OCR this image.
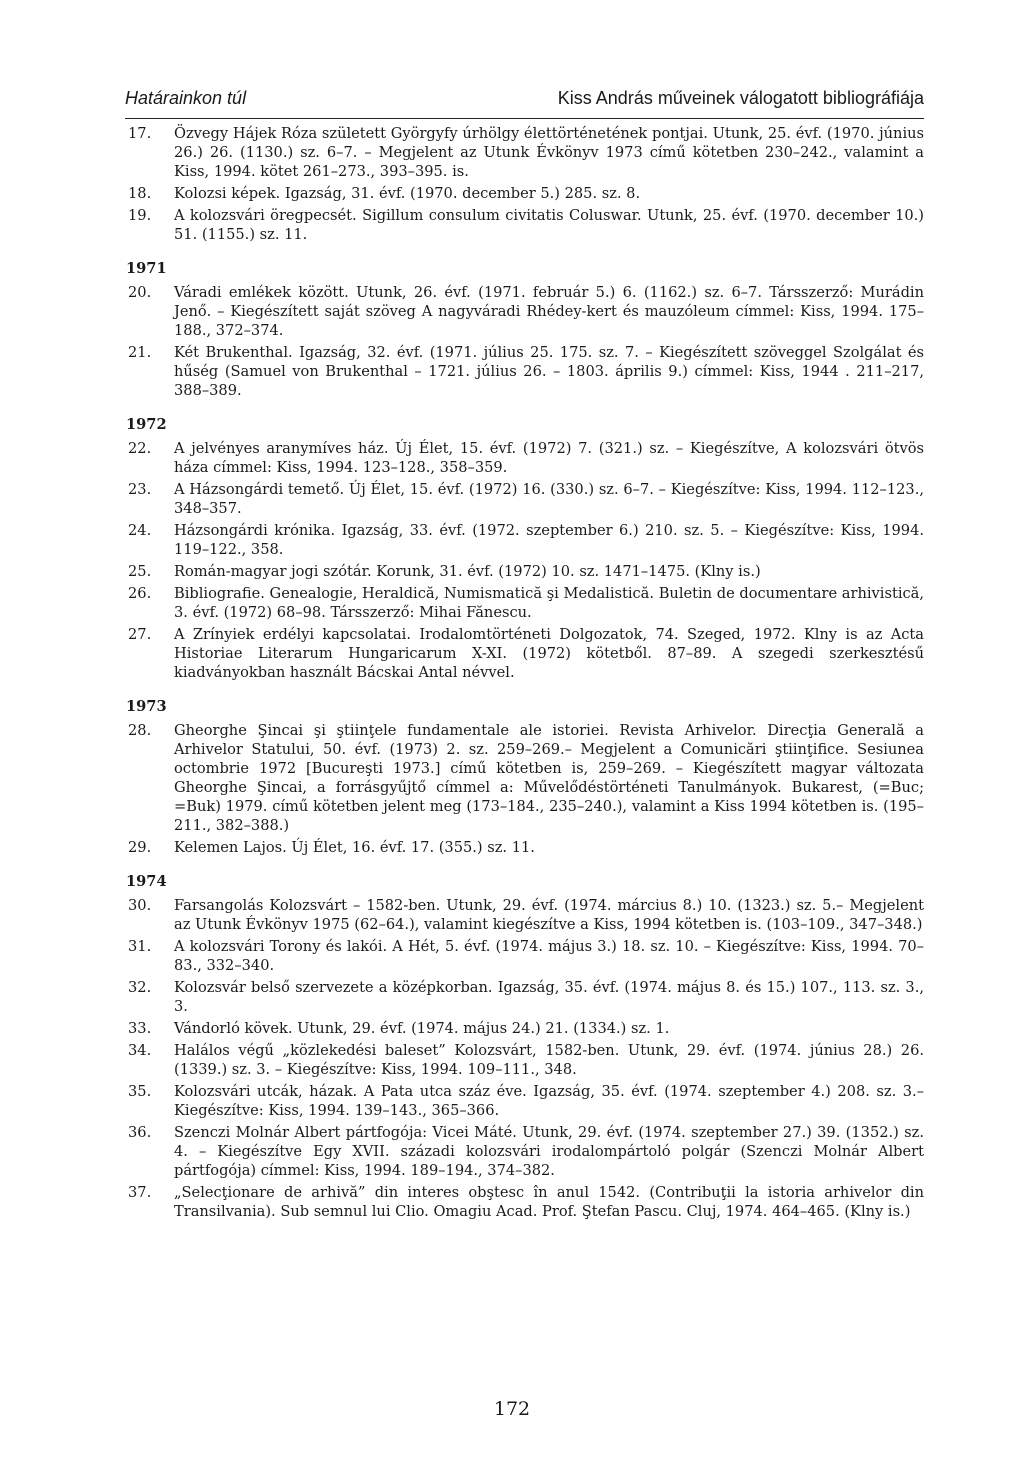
Határainkon túl	Kiss András műveinek válogatott bibliográfiája
17.	Özvegy Hájek Róza született Györgyfy úrhölgy élettörténetének pontjai. Utunk, 25. évf. (1970. június 26.) 26. (1130.) sz. 6–7. – Megjelent az Utunk Évkönyv 1973 című kötetben 230–242., valamint a Kiss, 1994. kötet 261–273., 393–395. is.
18.	Kolozsi képek. Igazság, 31. évf. (1970. december 5.) 285. sz. 8.
19.	A kolozsvári öregpecsét. Sigillum consulum civitatis Coluswar. Utunk, 25. évf. (1970. december 10.) 51. (1155.) sz. 11.
1971
20.	Váradi emlékek között. Utunk, 26. évf. (1971. február 5.) 6. (1162.) sz. 6–7. Társszerző: Murádin Jenő. – Kiegészített saját szöveg A nagyváradi Rhédey-kert és mauzóleum címmel: Kiss, 1994. 175–188., 372–374.
21.	Két Brukenthal. Igazság, 32. évf. (1971. július 25. 175. sz. 7. – Kiegészített szöveggel Szolgálat és hűség (Samuel von Brukenthal – 1721. július 26. – 1803. április 9.) címmel: Kiss, 1944 . 211–217, 388–389.
1972
22.	A jelvényes aranymíves ház. Új Élet, 15. évf. (1972) 7. (321.) sz. – Kiegészítve, A kolozsvári ötvös háza címmel: Kiss, 1994. 123–128., 358–359.
23.	A Házsongárdi temető. Új Élet, 15. évf. (1972) 16. (330.) sz. 6–7. – Kiegészítve: Kiss, 1994. 112–123., 348–357.
24.	Házsongárdi krónika. Igazság, 33. évf. (1972. szeptember 6.) 210. sz. 5. – Kiegészítve: Kiss, 1994. 119–122., 358.
25.	Román-magyar jogi szótár. Korunk, 31. évf. (1972) 10. sz. 1471–1475. (Klny is.)
26.	Bibliografie. Genealogie, Heraldică, Numismatică şi Medalistică. Buletin de documentare arhivistică, 3. évf. (1972) 68–98. Társszerző: Mihai Fănescu.
27.	A Zrínyiek erdélyi kapcsolatai. Irodalomtörténeti Dolgozatok, 74. Szeged, 1972. Klny is az Acta Historiae Literarum Hungaricarum X-XI. (1972) kötetből. 87–89. A szegedi szerkesztésű kiadványokban használt Bácskai Antal névvel.
1973
28.	Gheorghe Şincai şi ştiinţele fundamentale ale istoriei. Revista Arhivelor. Direcţia Generală a Arhivelor Statului, 50. évf. (1973) 2. sz. 259–269.– Megjelent a Comunicări ştiinţifice. Sesiunea octombrie 1972 [Bucureşti 1973.] című kötetben is, 259–269. – Kiegészített magyar változata Gheorghe Şincai, a forrásgyűjtő címmel a: Művelődéstörténeti Tanulmányok. Bukarest, (=Buc; =Buk) 1979. című kötetben jelent meg (173–184., 235–240.), valamint a Kiss 1994 kötetben is. (195–211., 382–388.)
29.	Kelemen Lajos. Új Élet, 16. évf. 17. (355.) sz. 11.
1974
30.	Farsangolás Kolozsvárt – 1582-ben. Utunk, 29. évf. (1974. március 8.) 10. (1323.) sz. 5.– Megjelent az Utunk Évkönyv 1975 (62–64.), valamint kiegészítve a Kiss, 1994 kötetben is. (103–109., 347–348.)
31.	A kolozsvári Torony és lakói. A Hét, 5. évf. (1974. május 3.) 18. sz. 10. – Kiegészítve: Kiss, 1994. 70–83., 332–340.
32.	Kolozsvár belső szervezete a középkorban. Igazság, 35. évf. (1974. május 8. és 15.) 107., 113. sz. 3., 3.
33.	Vándorló kövek. Utunk, 29. évf. (1974. május 24.) 21. (1334.) sz. 1.
34.	Halálos végű „közlekedési baleset” Kolozsvárt, 1582-ben. Utunk, 29. évf. (1974. június 28.) 26. (1339.) sz. 3. – Kiegészítve: Kiss, 1994. 109–111., 348.
35.	Kolozsvári utcák, házak. A Pata utca száz éve. Igazság, 35. évf. (1974. szeptember 4.) 208. sz. 3.– Kiegészítve: Kiss, 1994. 139–143., 365–366.
36.	Szenczi Molnár Albert pártfogója: Vicei Máté. Utunk, 29. évf. (1974. szeptember 27.) 39. (1352.) sz. 4. – Kiegészítve Egy XVII. századi kolozsvári irodalompártoló polgár (Szenczi Molnár Albert pártfogója) címmel: Kiss, 1994. 189–194., 374–382.
37.	„Selecţionare de arhivă” din interes obştesc în anul 1542. (Contribuţii la istoria arhivelor din Transilvania). Sub semnul lui Clio. Omagiu Acad. Prof. Ştefan Pascu. Cluj, 1974. 464–465. (Klny is.)
172
